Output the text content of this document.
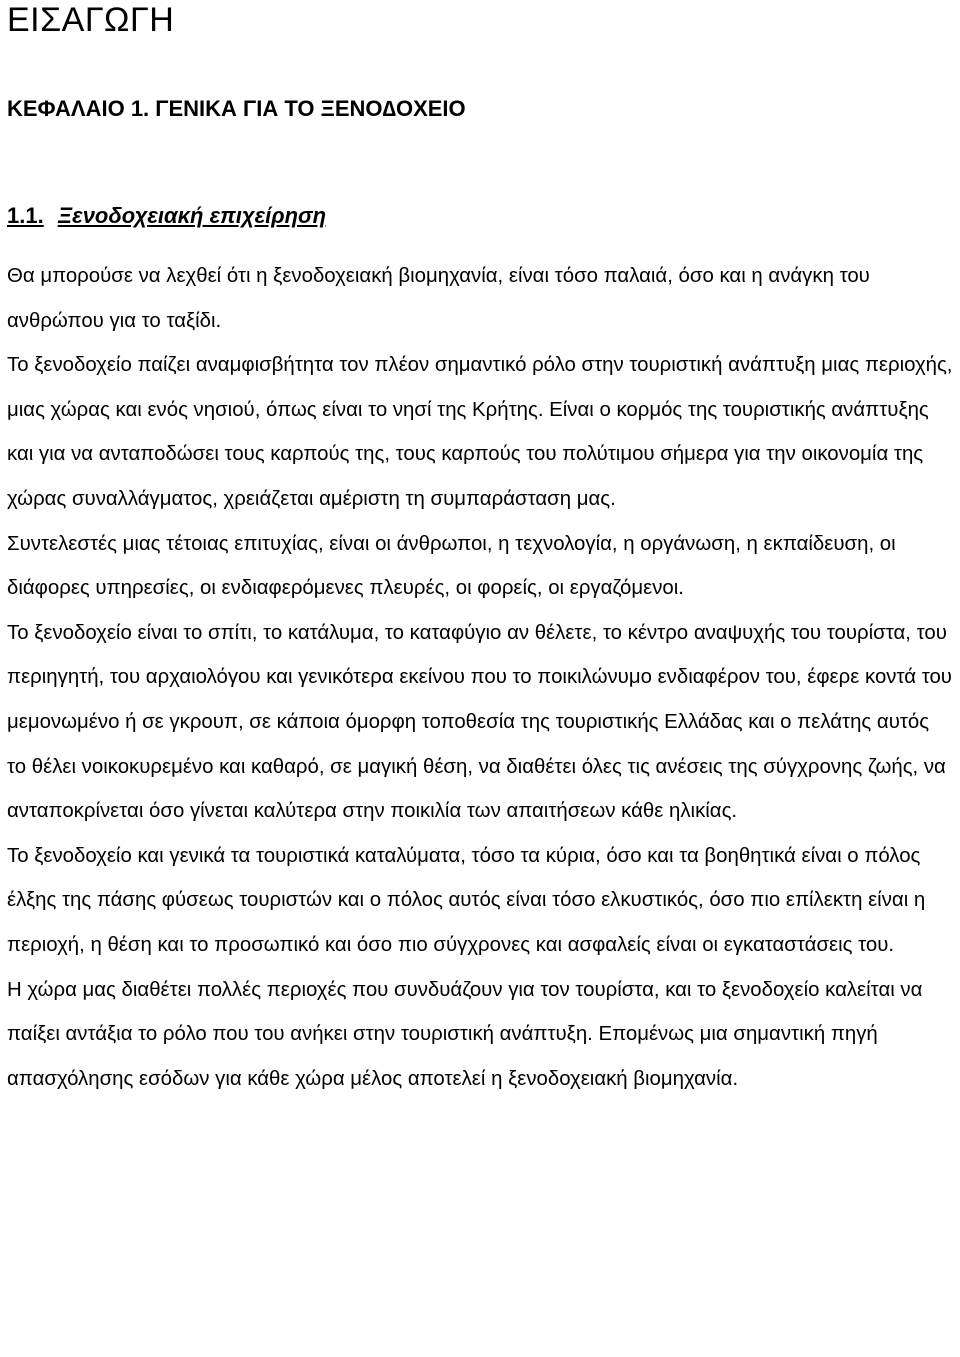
ΕΙΣΑΓΩΓΗ
ΚΕΦΑΛΑΙΟ 1. ΓΕΝΙΚΑ ΓΙΑ ΤΟ ΞΕΝΟ∆ΟΧΕΙΟ
1.1. Ξενοδοχειακή επιχείρηση

Θα μπορούσε να λεχθεί ότι η ξενοδοχειακή βιομηχανία, είναι τόσο παλαιά, όσο και η ανάγκη του ανθρώπου για το ταξίδι.

Το ξενοδοχείο παίζει αναμφισβήτητα τον πλέον σημαντικό ρόλο στην τουριστική ανάπτυξη μιας περιοχής, μιας χώρας και ενός νησιού, όπως είναι το νησί της Κρήτης. Είναι ο κορμός της τουριστικής ανάπτυξης και για να ανταποδώσει τους καρπούς της, τους καρπούς του πολύτιμου σήμερα για την οικονομία της χώρας συναλλάγματος, χρειάζεται αμέριστη τη συμπαράσταση μας.

Συντελεστές μιας τέτοιας επιτυχίας, είναι οι άνθρωποι, η τεχνολογία, η οργάνωση, η εκπαίδευση, οι διάφορες υπηρεσίες, οι ενδιαφερόμενες πλευρές, οι φορείς, οι εργαζόμενοι.

Το ξενοδοχείο είναι το σπίτι, το κατάλυμα, το καταφύγιο αν θέλετε, το κέντρο αναψυχής του τουρίστα, του περιηγητή, του αρχαιολόγου και γενικότερα εκείνου που το ποικιλώνυμο ενδιαφέρον του, έφερε κοντά του μεμονωμένο ή σε γκρουπ, σε κάποια όμορφη τοποθεσία της τουριστικής Ελλάδας και ο πελάτης αυτός το θέλει νοικοκυρεμένο και καθαρό, σε μαγική θέση, να διαθέτει όλες τις ανέσεις της σύγχρονης ζωής, να ανταποκρίνεται όσο γίνεται καλύτερα στην ποικιλία των απαιτήσεων κάθε ηλικίας.

Το ξενοδοχείο και γενικά τα τουριστικά καταλύματα, τόσο τα κύρια, όσο και τα βοηθητικά είναι ο πόλος έλξης της πάσης φύσεως τουριστών και ο πόλος αυτός είναι τόσο ελκυστικός, όσο πιο επίλεκτη είναι η περιοχή, η θέση και το προσωπικό και όσο πιο σύγχρονες και ασφαλείς είναι οι εγκαταστάσεις του.

Η χώρα μας διαθέτει πολλές περιοχές που συνδυάζουν για τον τουρίστα, και το ξενοδοχείο καλείται να παίξει αντάξια το ρόλο που του ανήκει στην τουριστική ανάπτυξη. Επομένως μια σημαντική πηγή απασχόλησης εσόδων για κάθε χώρα μέλος αποτελεί η ξενοδοχειακή βιομηχανία.
